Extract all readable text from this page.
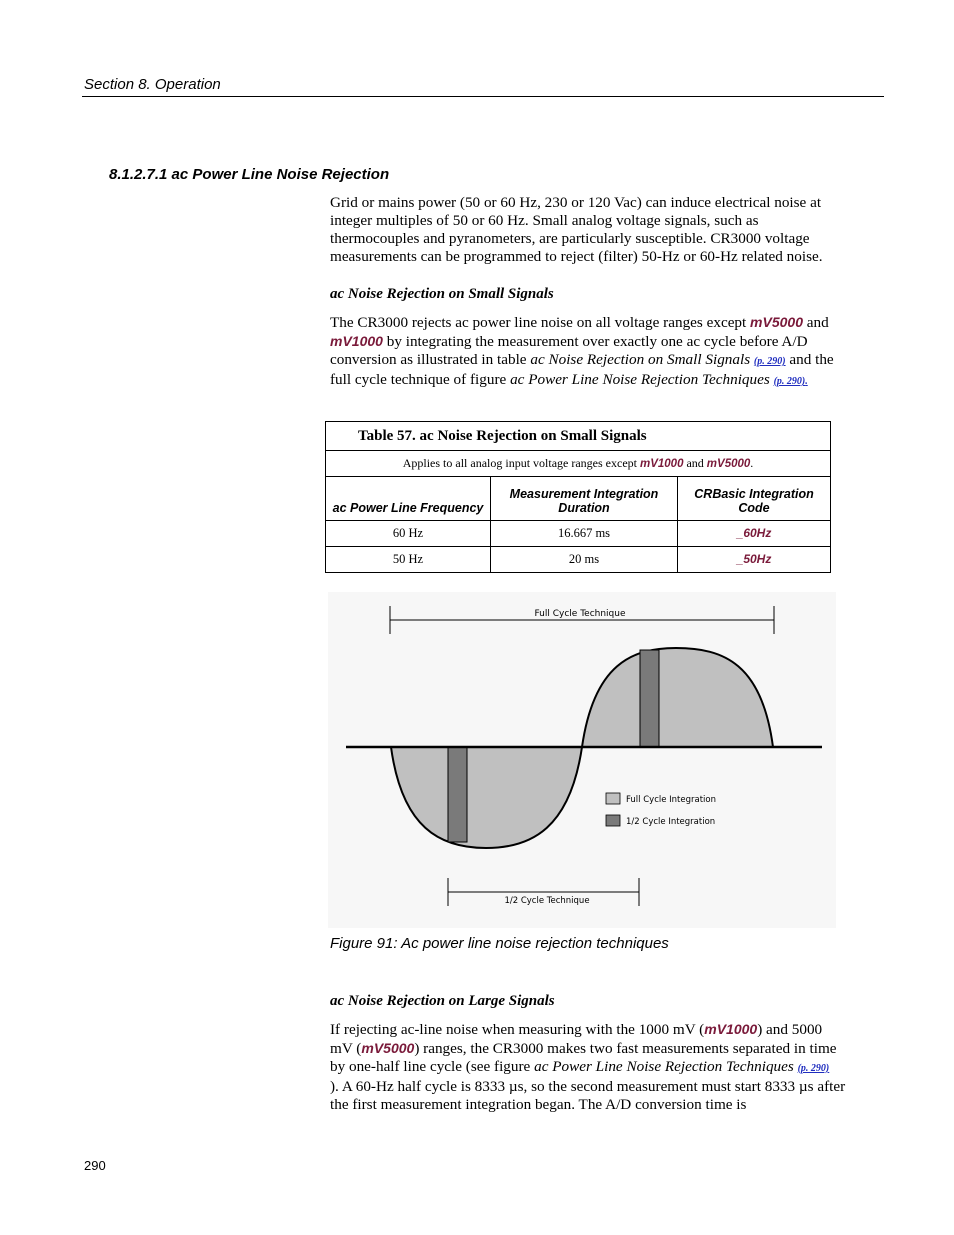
Section 8. Operation
8.1.2.7.1 ac Power Line Noise Rejection
Grid or mains power (50 or 60 Hz, 230 or 120 Vac) can induce electrical noise at integer multiples of 50 or 60 Hz. Small analog voltage signals, such as thermocouples and pyranometers, are particularly susceptible. CR3000 voltage measurements can be programmed to reject (filter) 50-Hz or 60-Hz related noise.
ac Noise Rejection on Small Signals
The CR3000 rejects ac power line noise on all voltage ranges except mV5000 and mV1000 by integrating the measurement over exactly one ac cycle before A/D conversion as illustrated in table ac Noise Rejection on Small Signals (p. 290) and the full cycle technique of figure ac Power Line Noise Rejection Techniques (p. 290).
Table 57. ac Noise Rejection on Small Signals		
Applies to all analog input voltage ranges except mV1000 and mV5000.		
ac Power Line Frequency	Measurement Integration Duration	CRBasic Integration Code
60 Hz	16.667 ms	_60Hz
50 Hz	20 ms	_50Hz
Full Cycle Technique
Full Cycle Integration
1/2 Cycle Integration
1/2 Cycle Technique
Figure 91: Ac power line noise rejection techniques
ac Noise Rejection on Large Signals
If rejecting ac-line noise when measuring with the 1000 mV (mV1000) and 5000 mV (mV5000) ranges, the CR3000 makes two fast measurements separated in time by one-half line cycle (see figure ac Power Line Noise Rejection Techniques (p. 290)
). A 60-Hz half cycle is 8333 µs, so the second measurement must start 8333 µs after the first measurement integration began. The A/D conversion time is
290
